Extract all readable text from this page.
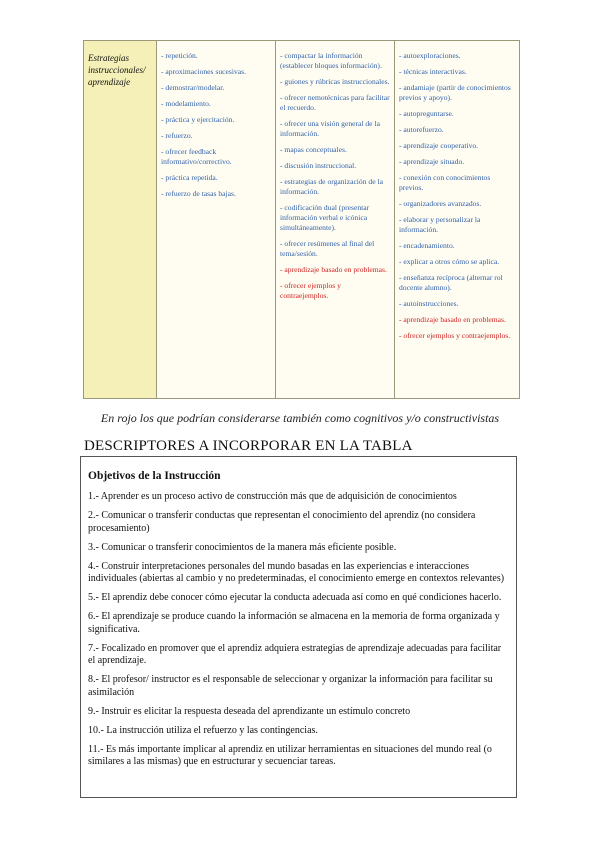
Estrategias instruccionales/ aprendizaje

- repetición.
- aproximaciones sucesivas.
- demostrar/modelar.
- modelamiento.
- práctica y ejercitación.
- refuerzo.
- ofrecer feedback informativo/correctivo.
- práctica repetida.
- refuerzo de tasas bajas.

- compactar la información (establecer bloques información).
- guiones y rúbricas instruccionales.
- ofrecer nemotécnicas para facilitar el recuerdo.
- ofrecer una visión general de la información.
- mapas conceptuales.
- discusión instruccional.
- estrategias de organización de la información.
- codificación dual (presentar información verbal e icónica simultáneamente).
- ofrecer resúmenes al final del tema/sesión.
- aprendizaje basado en problemas.
- ofrecer ejemplos y contraejemplos.

- autoexploraciones.
- técnicas interactivas.
- andamiaje (partir de conocimientos previos y apoyo).
- autopreguntarse.
- autorefuerzo.
- aprendizaje cooperativo.
- aprendizaje situado.
- conexión con conocimientos previos.
- organizadores avanzados.
- elaborar y personalizar la información.
- encadenamiento.
- explicar a otros cómo se aplica.
- enseñanza recíproca (alternar rol docente alumno).
- autoinstrucciones.
- aprendizaje basado en problemas.
- ofrecer ejemplos y contraejemplos.
En rojo los que podrían considerarse también como cognitivos y/o constructivistas
DESCRIPTORES A INCORPORAR EN LA TABLA
Objetivos de la Instrucción
1.- Aprender es un proceso activo de construcción más que de adquisición de conocimientos
2.- Comunicar o transferir conductas que representan el conocimiento del aprendiz (no considera procesamiento)
3.- Comunicar o transferir conocimientos de la manera más eficiente posible.
4.- Construir interpretaciones personales del mundo basadas en las experiencias e interacciones individuales (abiertas al cambio y no predeterminadas, el conocimiento emerge en contextos relevantes)
5.- El aprendiz debe conocer cómo ejecutar la conducta adecuada así como en qué condiciones hacerlo.
6.- El aprendizaje se produce cuando la información se almacena en la memoria de forma organizada y significativa.
7.- Focalizado en promover que el aprendiz adquiera estrategias de aprendizaje adecuadas para facilitar el aprendizaje.
8.- El profesor/ instructor es el responsable de seleccionar y organizar la información para facilitar su asimilación
9.- Instruir es elicitar la respuesta deseada del aprendizante un estímulo concreto
10.- La instrucción utiliza el refuerzo y las contingencias.
11.- Es más importante implicar al aprendiz en utilizar herramientas en situaciones del mundo real (o similares a las mismas) que en estructurar y secuenciar tareas.
